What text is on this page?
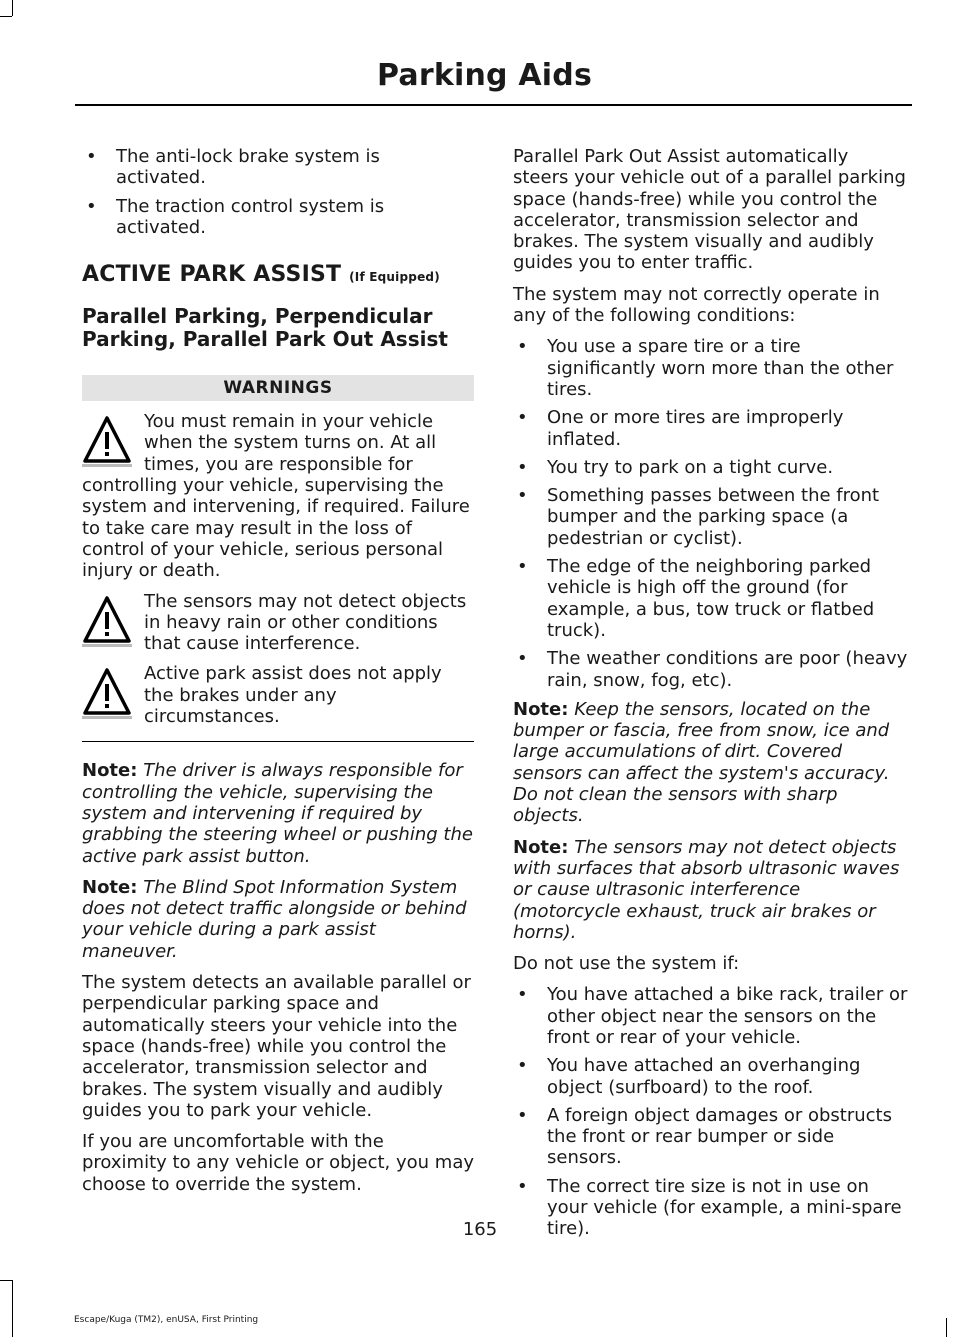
Parking Aids
• The anti-lock brake system is activated.
• The traction control system is activated.
ACTIVE PARK ASSIST (If Equipped)
Parallel Parking, Perpendicular Parking, Parallel Park Out Assist
WARNINGS
You must remain in your vehicle when the system turns on. At all times, you are responsible for controlling your vehicle, supervising the system and intervening, if required. Failure to take care may result in the loss of control of your vehicle, serious personal injury or death.
The sensors may not detect objects in heavy rain or other conditions that cause interference.
Active park assist does not apply the brakes under any circumstances.

Note: The driver is always responsible for controlling the vehicle, supervising the system and intervening if required by grabbing the steering wheel or pushing the active park assist button.

Note: The Blind Spot Information System does not detect traffic alongside or behind your vehicle during a park assist maneuver.

The system detects an available parallel or perpendicular parking space and automatically steers your vehicle into the space (hands-free) while you control the accelerator, transmission selector and brakes. The system visually and audibly guides you to park your vehicle.

If you are uncomfortable with the proximity to any vehicle or object, you may choose to override the system.

Parallel Park Out Assist automatically steers your vehicle out of a parallel parking space (hands-free) while you control the accelerator, transmission selector and brakes. The system visually and audibly guides you to enter traffic.

The system may not correctly operate in any of the following conditions:

• You use a spare tire or a tire significantly worn more than the other tires.
• One or more tires are improperly inflated.
• You try to park on a tight curve.
• Something passes between the front bumper and the parking space (a pedestrian or cyclist).
• The edge of the neighboring parked vehicle is high off the ground (for example, a bus, tow truck or flatbed truck).
• The weather conditions are poor (heavy rain, snow, fog, etc).

Note: Keep the sensors, located on the bumper or fascia, free from snow, ice and large accumulations of dirt. Covered sensors can affect the system's accuracy. Do not clean the sensors with sharp objects.

Note: The sensors may not detect objects with surfaces that absorb ultrasonic waves or cause ultrasonic interference (motorcycle exhaust, truck air brakes or horns).

Do not use the system if:

• You have attached a bike rack, trailer or other object near the sensors on the front or rear of your vehicle.
• You have attached an overhanging object (surfboard) to the roof.
• A foreign object damages or obstructs the front or rear bumper or side sensors.
• The correct tire size is not in use on your vehicle (for example, a mini-spare tire).
165
Escape/Kuga (TM2), enUSA, First Printing
